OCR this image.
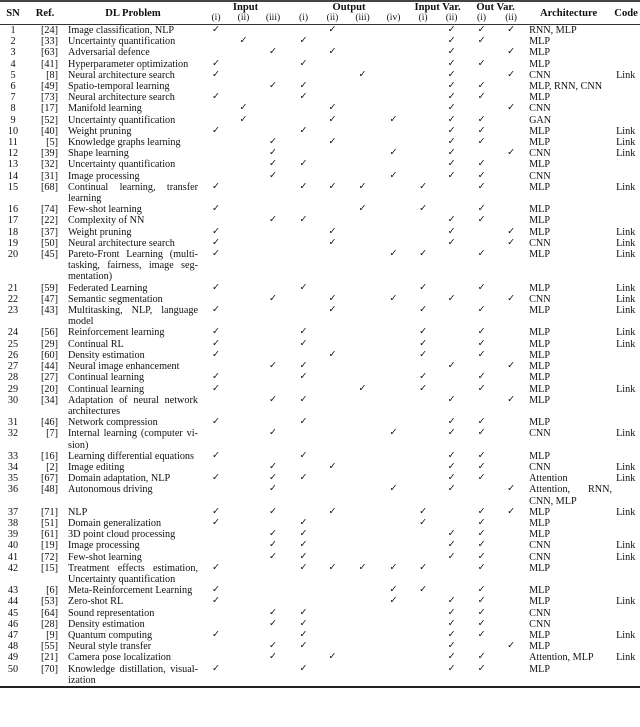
SN	Ref.	DL Problem	Input			Output				Input Var.		Out Var.		Architecture	Code
			(i)	(ii)	(iii)	(i)	(ii)	(iii)	(iv)	(i)	(ii)	(i)	(ii)		
1	[24]	Image classification, NLP	✓				✓				✓	✓	✓	RNN, MLP	
2	[33]	Uncertainty quantification		✓		✓					✓	✓		MLP	
3	[63]	Adversarial defence			✓		✓				✓		✓	MLP	
4	[41]	Hyperparameter optimization	✓			✓					✓	✓		MLP	
5	[8]	Neural architecture search	✓					✓			✓		✓	CNN	Link
6	[49]	Spatio-temporal learning			✓	✓					✓	✓		MLP, RNN, CNN	
7	[73]	Neural architecture search	✓			✓					✓	✓		MLP	
8	[17]	Manifold learning		✓			✓				✓		✓	CNN	
9	[52]	Uncertainty quantification		✓			✓		✓		✓	✓		GAN	
10	[40]	Weight pruning	✓			✓					✓	✓		MLP	Link
11	[5]	Knowledge graphs learning			✓		✓				✓	✓		MLP	Link
12	[39]	Shape learning			✓				✓		✓		✓	CNN	Link
13	[32]	Uncertainty quantification			✓	✓					✓	✓		MLP	
14	[31]	Image processing			✓				✓		✓	✓		CNN	
15	[68]	Continual learning, transfer learning	✓			✓	✓	✓		✓		✓		MLP	Link
16	[74]	Few-shot learning	✓					✓		✓		✓		MLP	
17	[22]	Complexity of NN			✓	✓					✓	✓		MLP	
18	[37]	Weight pruning	✓				✓				✓		✓	MLP	Link
19	[50]	Neural architecture search	✓				✓				✓		✓	CNN	Link
20	[45]	Pareto-Front Learning (multi-tasking, fairness, image seg-mentation)	✓						✓	✓		✓		MLP	Link
21	[59]	Federated Learning	✓			✓				✓		✓		MLP	Link
22	[47]	Semantic segmentation			✓		✓		✓		✓		✓	CNN	Link
23	[43]	Multitasking, NLP, language model	✓				✓			✓		✓		MLP	Link
24	[56]	Reinforcement learning	✓			✓				✓		✓		MLP	Link
25	[29]	Continual RL	✓			✓				✓		✓		MLP	Link
26	[60]	Density estimation	✓				✓			✓		✓		MLP	
27	[44]	Neural image enhancement			✓	✓					✓		✓	MLP	
28	[27]	Continual learning	✓			✓				✓		✓		MLP	
29	[20]	Continual learning	✓					✓		✓		✓		MLP	Link
30	[34]	Adaptation of neural network architectures			✓	✓					✓		✓	MLP	
31	[46]	Network compression	✓			✓					✓	✓		MLP	
32	[7]	Internal learning (computer vi-sion)			✓				✓		✓	✓		CNN	Link
33	[16]	Learning differential equations	✓			✓					✓	✓		MLP	
34	[2]	Image editing			✓		✓				✓	✓		CNN	Link
35	[67]	Domain adaptation, NLP	✓		✓	✓					✓	✓		Attention	Link
36	[48]	Autonomous driving			✓				✓		✓		✓	Attention, RNN, CNN, MLP	
37	[71]	NLP	✓		✓		✓			✓		✓	✓	MLP	Link
38	[51]	Domain generalization	✓			✓				✓		✓		MLP	
39	[61]	3D point cloud processing			✓	✓					✓	✓		MLP	
40	[19]	Image processing			✓	✓					✓	✓		CNN	Link
41	[72]	Few-shot learning			✓	✓					✓	✓		CNN	Link
42	[15]	Treatment effects estimation, Uncertainty quantification	✓			✓	✓	✓	✓	✓		✓		MLP	
43	[6]	Meta-Reinforcement Learning	✓						✓	✓		✓		MLP	
44	[53]	Zero-shot RL	✓						✓		✓	✓		MLP	Link
45	[64]	Sound representation			✓	✓					✓	✓		CNN	
46	[28]	Density estimation			✓	✓					✓	✓		CNN	
47	[9]	Quantum computing	✓			✓					✓	✓		MLP	Link
48	[55]	Neural style transfer			✓	✓					✓		✓	MLP	
49	[21]	Camera pose localization			✓		✓				✓	✓		Attention, MLP	Link
50	[70]	Knowledge distillation, visual-ization	✓			✓					✓	✓		MLP	
